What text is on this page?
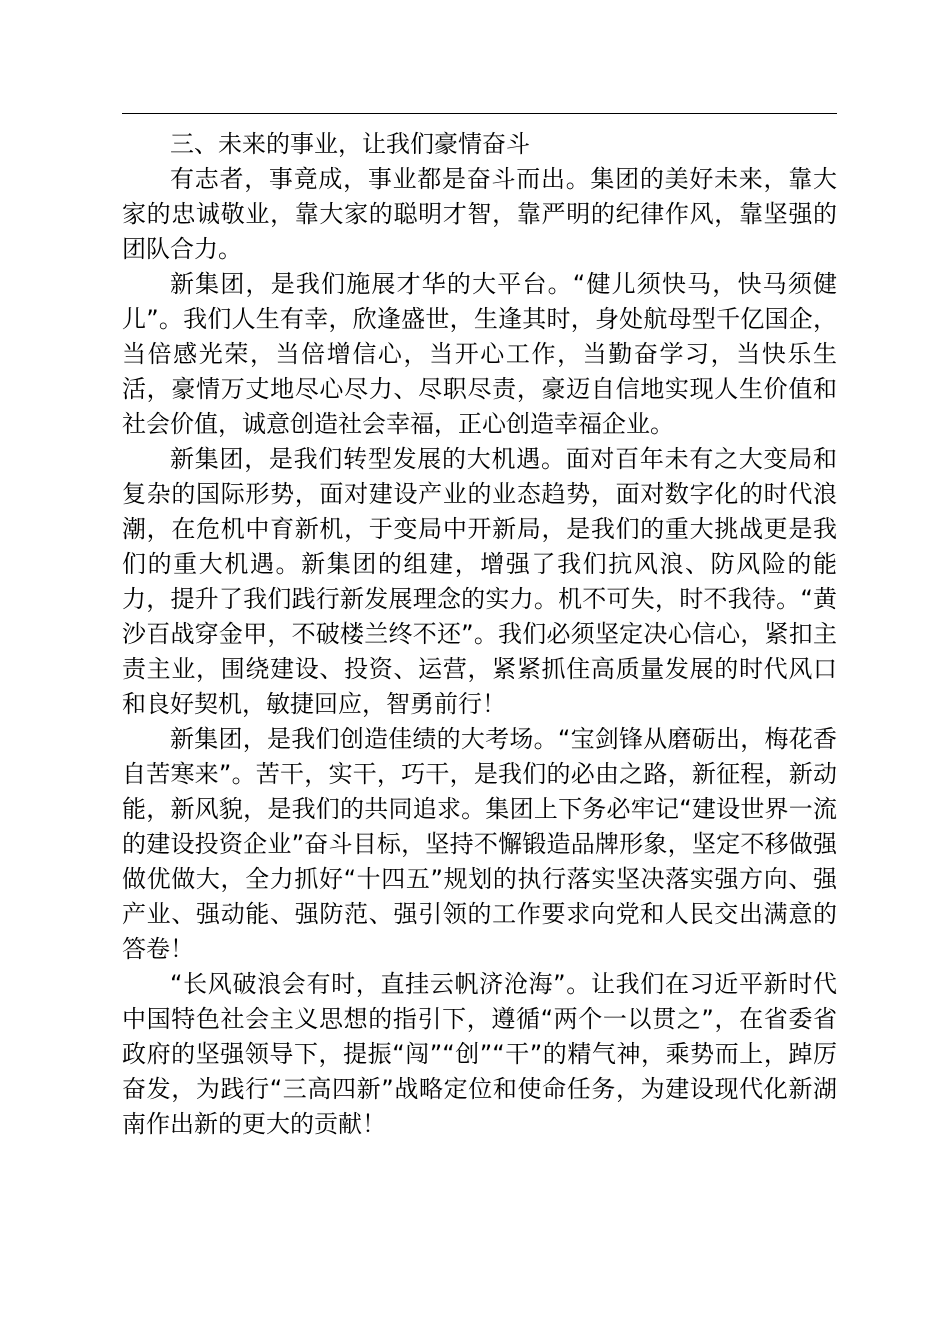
三、未来的事业，让我们豪情奋斗

有志者，事竟成，事业都是奋斗而出。集团的美好未来，靠大家的忠诚敬业，靠大家的聪明才智，靠严明的纪律作风，靠坚强的团队合力。

新集团，是我们施展才华的大平台。“健儿须快马，快马须健儿”。我们人生有幸，欣逢盛世，生逢其时，身处航母型千亿国企，当倍感光荣，当倍增信心，当开心工作，当勤奋学习，当快乐生活，豪情万丈地尽心尽力、尽职尽责，豪迈自信地实现人生价值和社会价值，诚意创造社会幸福，正心创造幸福企业。

新集团，是我们转型发展的大机遇。面对百年未有之大变局和复杂的国际形势，面对建设产业的业态趋势，面对数字化的时代浪潮，在危机中育新机，于变局中开新局，是我们的重大挑战更是我们的重大机遇。新集团的组建，增强了我们抗风浪、防风险的能力，提升了我们践行新发展理念的实力。机不可失，时不我待。“黄沙百战穿金甲，不破楼兰终不还”。我们必须坚定决心信心，紧扣主责主业，围绕建设、投资、运营，紧紧抓住高质量发展的时代风口和良好契机，敏捷回应，智勇前行！

新集团，是我们创造佳绩的大考场。“宝剑锋从磨砺出，梅花香自苦寒来”。苦干，实干，巧干，是我们的必由之路，新征程，新动能，新风貌，是我们的共同追求。集团上下务必牢记“建设世界一流的建设投资企业”奋斗目标，坚持不懈锻造品牌形象，坚定不移做强做优做大，全力抓好“十四五”规划的执行落实坚决落实强方向、强产业、强动能、强防范、强引领的工作要求向党和人民交出满意的答卷！

“长风破浪会有时，直挂云帆济沧海”。让我们在习近平新时代中国特色社会主义思想的指引下，遵循“两个一以贯之”，在省委省政府的坚强领导下，提振“闯”“创”“干”的精气神，乘势而上，踔厉奋发，为践行“三高四新”战略定位和使命任务，为建设现代化新湖南作出新的更大的贡献！
